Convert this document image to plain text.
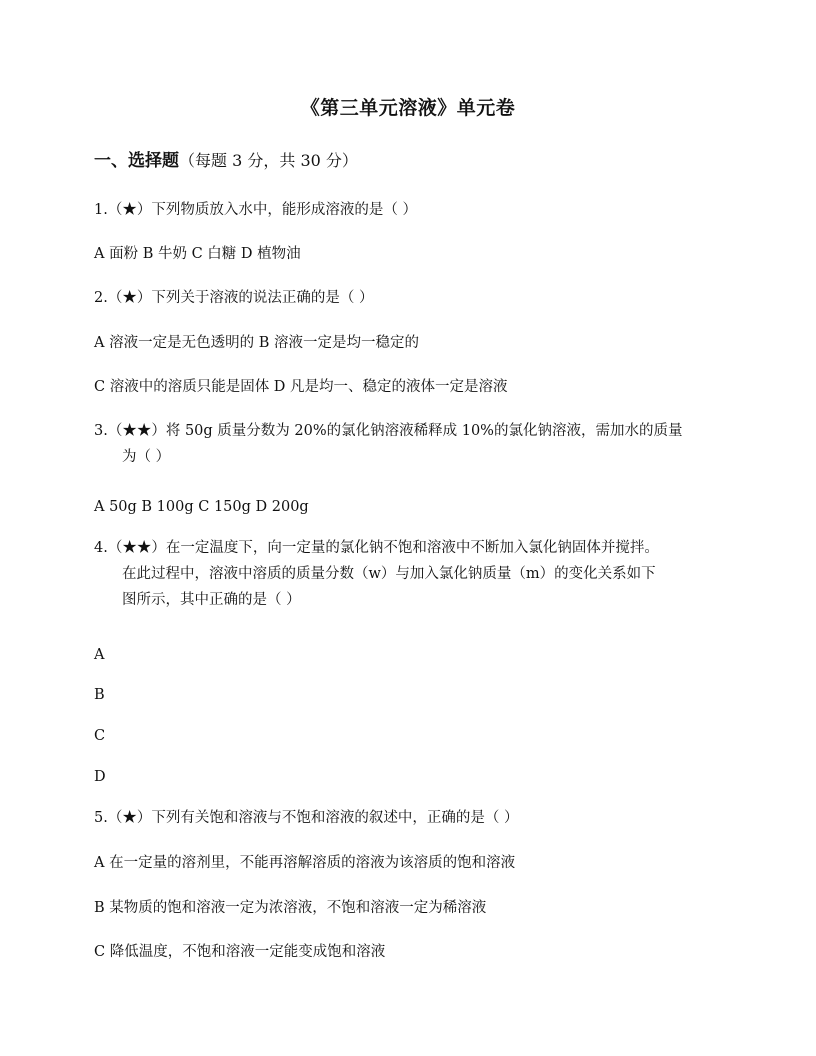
《第三单元溶液》单元卷
一、选择题（每题 3 分，共 30 分）
1.（★）下列物质放入水中，能形成溶液的是（ ）
A 面粉 B 牛奶 C 白糖 D 植物油
2.（★）下列关于溶液的说法正确的是（ ）
A 溶液一定是无色透明的 B 溶液一定是均一稳定的
C 溶液中的溶质只能是固体 D 凡是均一、稳定的液体一定是溶液
3.（★★）将 50g 质量分数为 20%的氯化钠溶液稀释成 10%的氯化钠溶液，需加水的质量
为（ ）
A 50g B 100g C 150g D 200g
4.（★★）在一定温度下，向一定量的氯化钠不饱和溶液中不断加入氯化钠固体并搅拌。
在此过程中，溶液中溶质的质量分数（w）与加入氯化钠质量（m）的变化关系如下
图所示，其中正确的是（ ）
A
B
C
D
5.（★）下列有关饱和溶液与不饱和溶液的叙述中，正确的是（ ）
A 在一定量的溶剂里，不能再溶解溶质的溶液为该溶质的饱和溶液
B 某物质的饱和溶液一定为浓溶液，不饱和溶液一定为稀溶液
C 降低温度，不饱和溶液一定能变成饱和溶液
